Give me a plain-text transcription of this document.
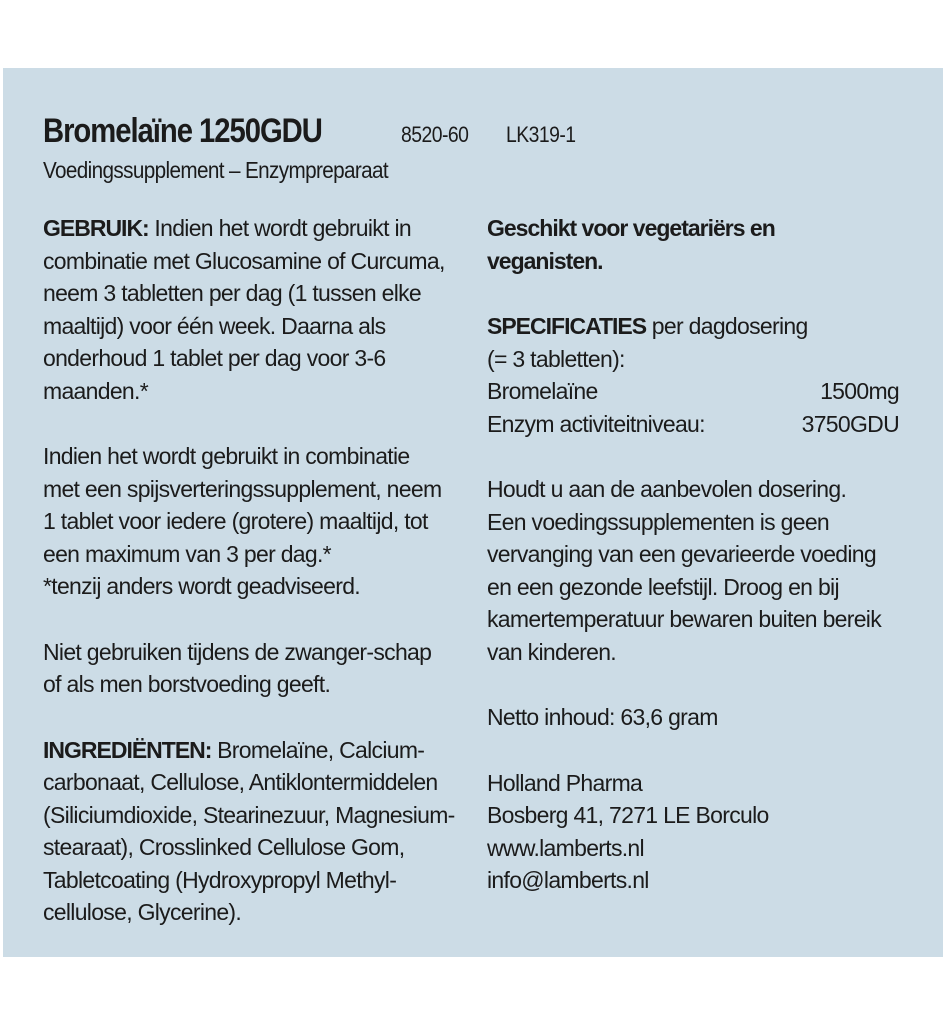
Bromelaïne 1250GDU	8520-60 LK319-1
Voedingssupplement – Enzympreparaat
GEBRUIK: Indien het wordt gebruikt in
combinatie met Glucosamine of Curcuma,
neem 3 tabletten per dag (1 tussen elke
maaltijd) voor één week. Daarna als
onderhoud 1 tablet per dag voor 3-6
maanden.*
Indien het wordt gebruikt in combinatie
met een spijsverteringssupplement, neem
1 tablet voor iedere (grotere) maaltijd, tot
een maximum van 3 per dag.*
*tenzij anders wordt geadviseerd.
Niet gebruiken tijdens de zwanger-schap
of als men borstvoeding geeft.
INGREDIËNTEN: Bromelaïne, Calcium-
carbonaat, Cellulose, Antiklontermiddelen
(Siliciumdioxide, Stearinezuur, Magnesium-
stearaat), Crosslinked Cellulose Gom,
Tabletcoating (Hydroxypropyl Methyl-
cellulose, Glycerine).
Geschikt voor vegetariërs en
veganisten.
SPECIFICATIES per dagdosering
(= 3 tabletten):
Bromelaïne	1500mg
Enzym activiteitniveau:	3750GDU
Houdt u aan de aanbevolen dosering.
Een voedingssupplementen is geen
vervanging van een gevarieerde voeding
en een gezonde leefstijl. Droog en bij
kamertemperatuur bewaren buiten bereik
van kinderen.
Netto inhoud: 63,6 gram
Holland Pharma
Bosberg 41, 7271 LE Borculo
www.lamberts.nl
info@lamberts.nl
